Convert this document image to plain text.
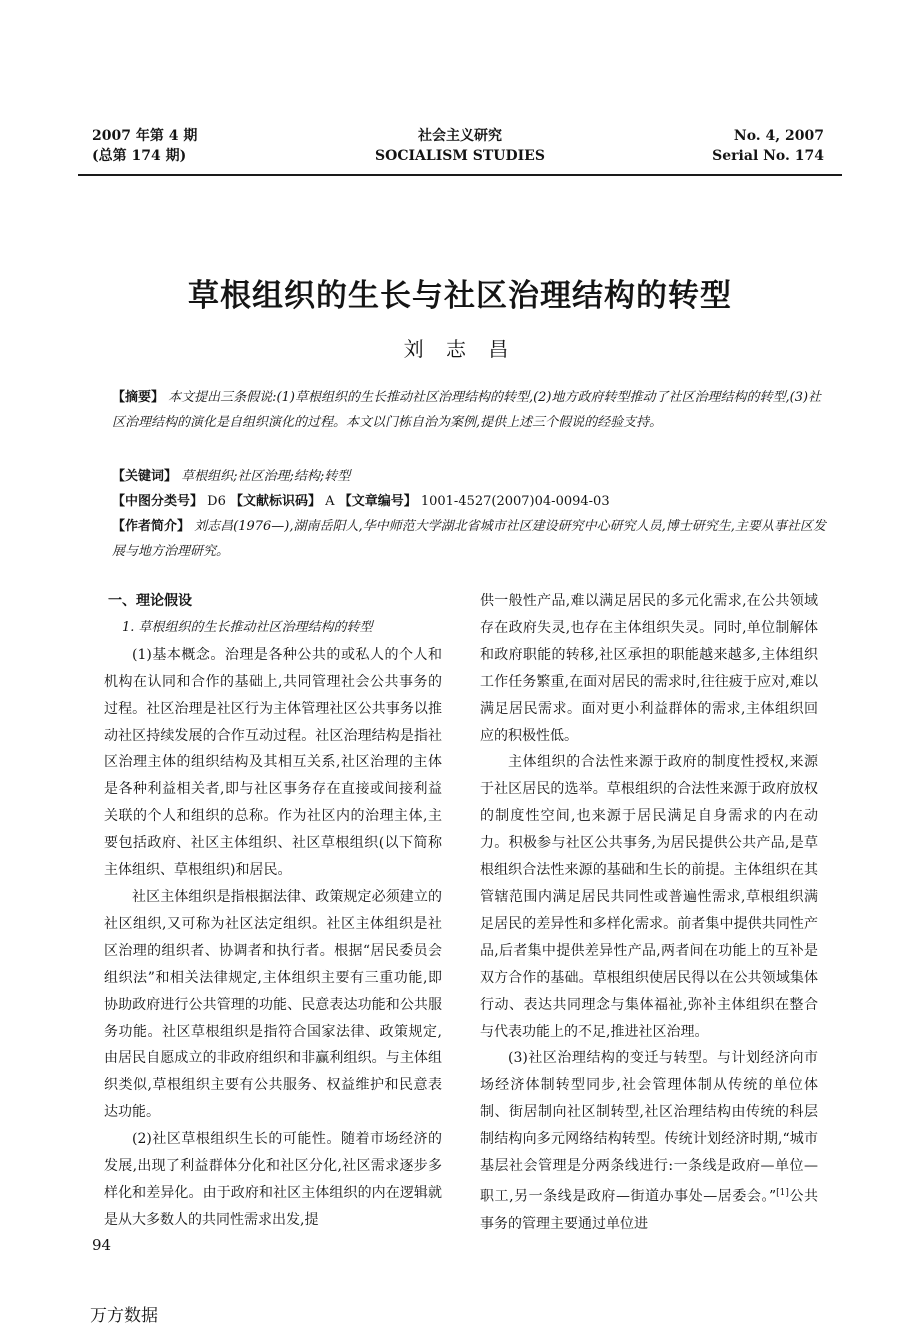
2007 年第 4 期
(总第 174 期)
社会主义研究
SOCIALISM STUDIES
No. 4, 2007
Serial No. 174
草根组织的生长与社区治理结构的转型
刘 志 昌
【摘要】 本文提出三条假说:(1)草根组织的生长推动社区治理结构的转型,(2)地方政府转型推动了社区治理结构的转型,(3)社区治理结构的演化是自组织演化的过程。本文以门栋自治为案例,提供上述三个假说的经验支持。
【关键词】 草根组织;社区治理;结构;转型
【中图分类号】 D6 【文献标识码】 A 【文章编号】 1001-4527(2007)04-0094-03
【作者简介】 刘志昌(1976—),湖南岳阳人,华中师范大学湖北省城市社区建设研究中心研究人员,博士研究生,主要从事社区发展与地方治理研究。

一、理论假设

1. 草根组织的生长推动社区治理结构的转型

(1)基本概念。治理是各种公共的或私人的个人和机构在认同和合作的基础上,共同管理社会公共事务的过程。社区治理是社区行为主体管理社区公共事务以推动社区持续发展的合作互动过程。社区治理结构是指社区治理主体的组织结构及其相互关系,社区治理的主体是各种利益相关者,即与社区事务存在直接或间接利益关联的个人和组织的总称。作为社区内的治理主体,主要包括政府、社区主体组织、社区草根组织(以下简称主体组织、草根组织)和居民。

社区主体组织是指根据法律、政策规定必须建立的社区组织,又可称为社区法定组织。社区主体组织是社区治理的组织者、协调者和执行者。根据“居民委员会组织法”和相关法律规定,主体组织主要有三重功能,即协助政府进行公共管理的功能、民意表达功能和公共服务功能。社区草根组织是指符合国家法律、政策规定,由居民自愿成立的非政府组织和非赢利组织。与主体组织类似,草根组织主要有公共服务、权益维护和民意表达功能。

(2)社区草根组织生长的可能性。随着市场经济的发展,出现了利益群体分化和社区分化,社区需求逐步多样化和差异化。由于政府和社区主体组织的内在逻辑就是从大多数人的共同性需求出发,提

供一般性产品,难以满足居民的多元化需求,在公共领域存在政府失灵,也存在主体组织失灵。同时,单位制解体和政府职能的转移,社区承担的职能越来越多,主体组织工作任务繁重,在面对居民的需求时,往往疲于应对,难以满足居民需求。面对更小利益群体的需求,主体组织回应的积极性低。

主体组织的合法性来源于政府的制度性授权,来源于社区居民的选举。草根组织的合法性来源于政府放权的制度性空间,也来源于居民满足自身需求的内在动力。积极参与社区公共事务,为居民提供公共产品,是草根组织合法性来源的基础和生长的前提。主体组织在其管辖范围内满足居民共同性或普遍性需求,草根组织满足居民的差异性和多样化需求。前者集中提供共同性产品,后者集中提供差异性产品,两者间在功能上的互补是双方合作的基础。草根组织使居民得以在公共领域集体行动、表达共同理念与集体福祉,弥补主体组织在整合与代表功能上的不足,推进社区治理。

(3)社区治理结构的变迁与转型。与计划经济向市场经济体制转型同步,社会管理体制从传统的单位体制、街居制向社区制转型,社区治理结构由传统的科层制结构向多元网络结构转型。传统计划经济时期,“城市基层社会管理是分两条线进行:一条线是政府—单位—职工,另一条线是政府—街道办事处—居委会。”[1]公共事务的管理主要通过单位进

94
万方数据
